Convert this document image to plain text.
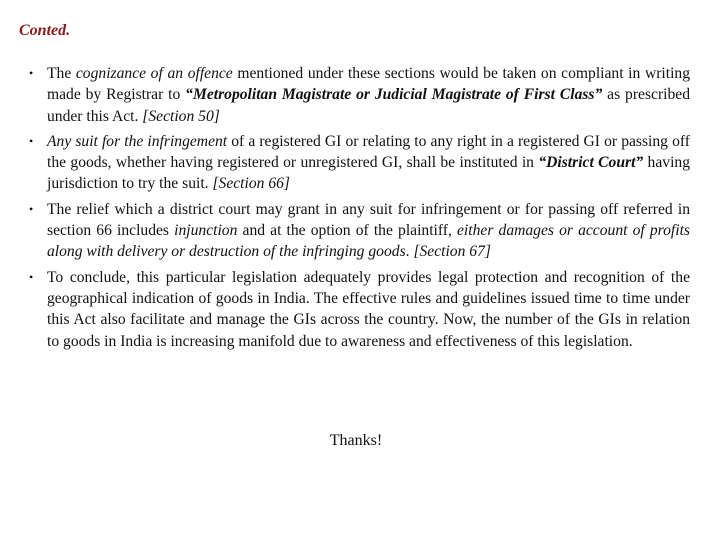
Conted.
• The cognizance of an offence mentioned under these sections would be taken on compliant in writing made by Registrar to “Metropolitan Magistrate or Judicial Magistrate of First Class” as prescribed under this Act. [Section 50]
• Any suit for the infringement of a registered GI or relating to any right in a registered GI or passing off the goods, whether having registered or unregistered GI, shall be instituted in “District Court” having jurisdiction to try the suit. [Section 66]
• The relief which a district court may grant in any suit for infringement or for passing off referred in section 66 includes injunction and at the option of the plaintiff, either damages or account of profits along with delivery or destruction of the infringing goods. [Section 67]
• To conclude, this particular legislation adequately provides legal protection and recognition of the geographical indication of goods in India. The effective rules and guidelines issued time to time under this Act also facilitate and manage the GIs across the country. Now, the number of the GIs in relation to goods in India is increasing manifold due to awareness and effectiveness of this legislation.

Thanks!
